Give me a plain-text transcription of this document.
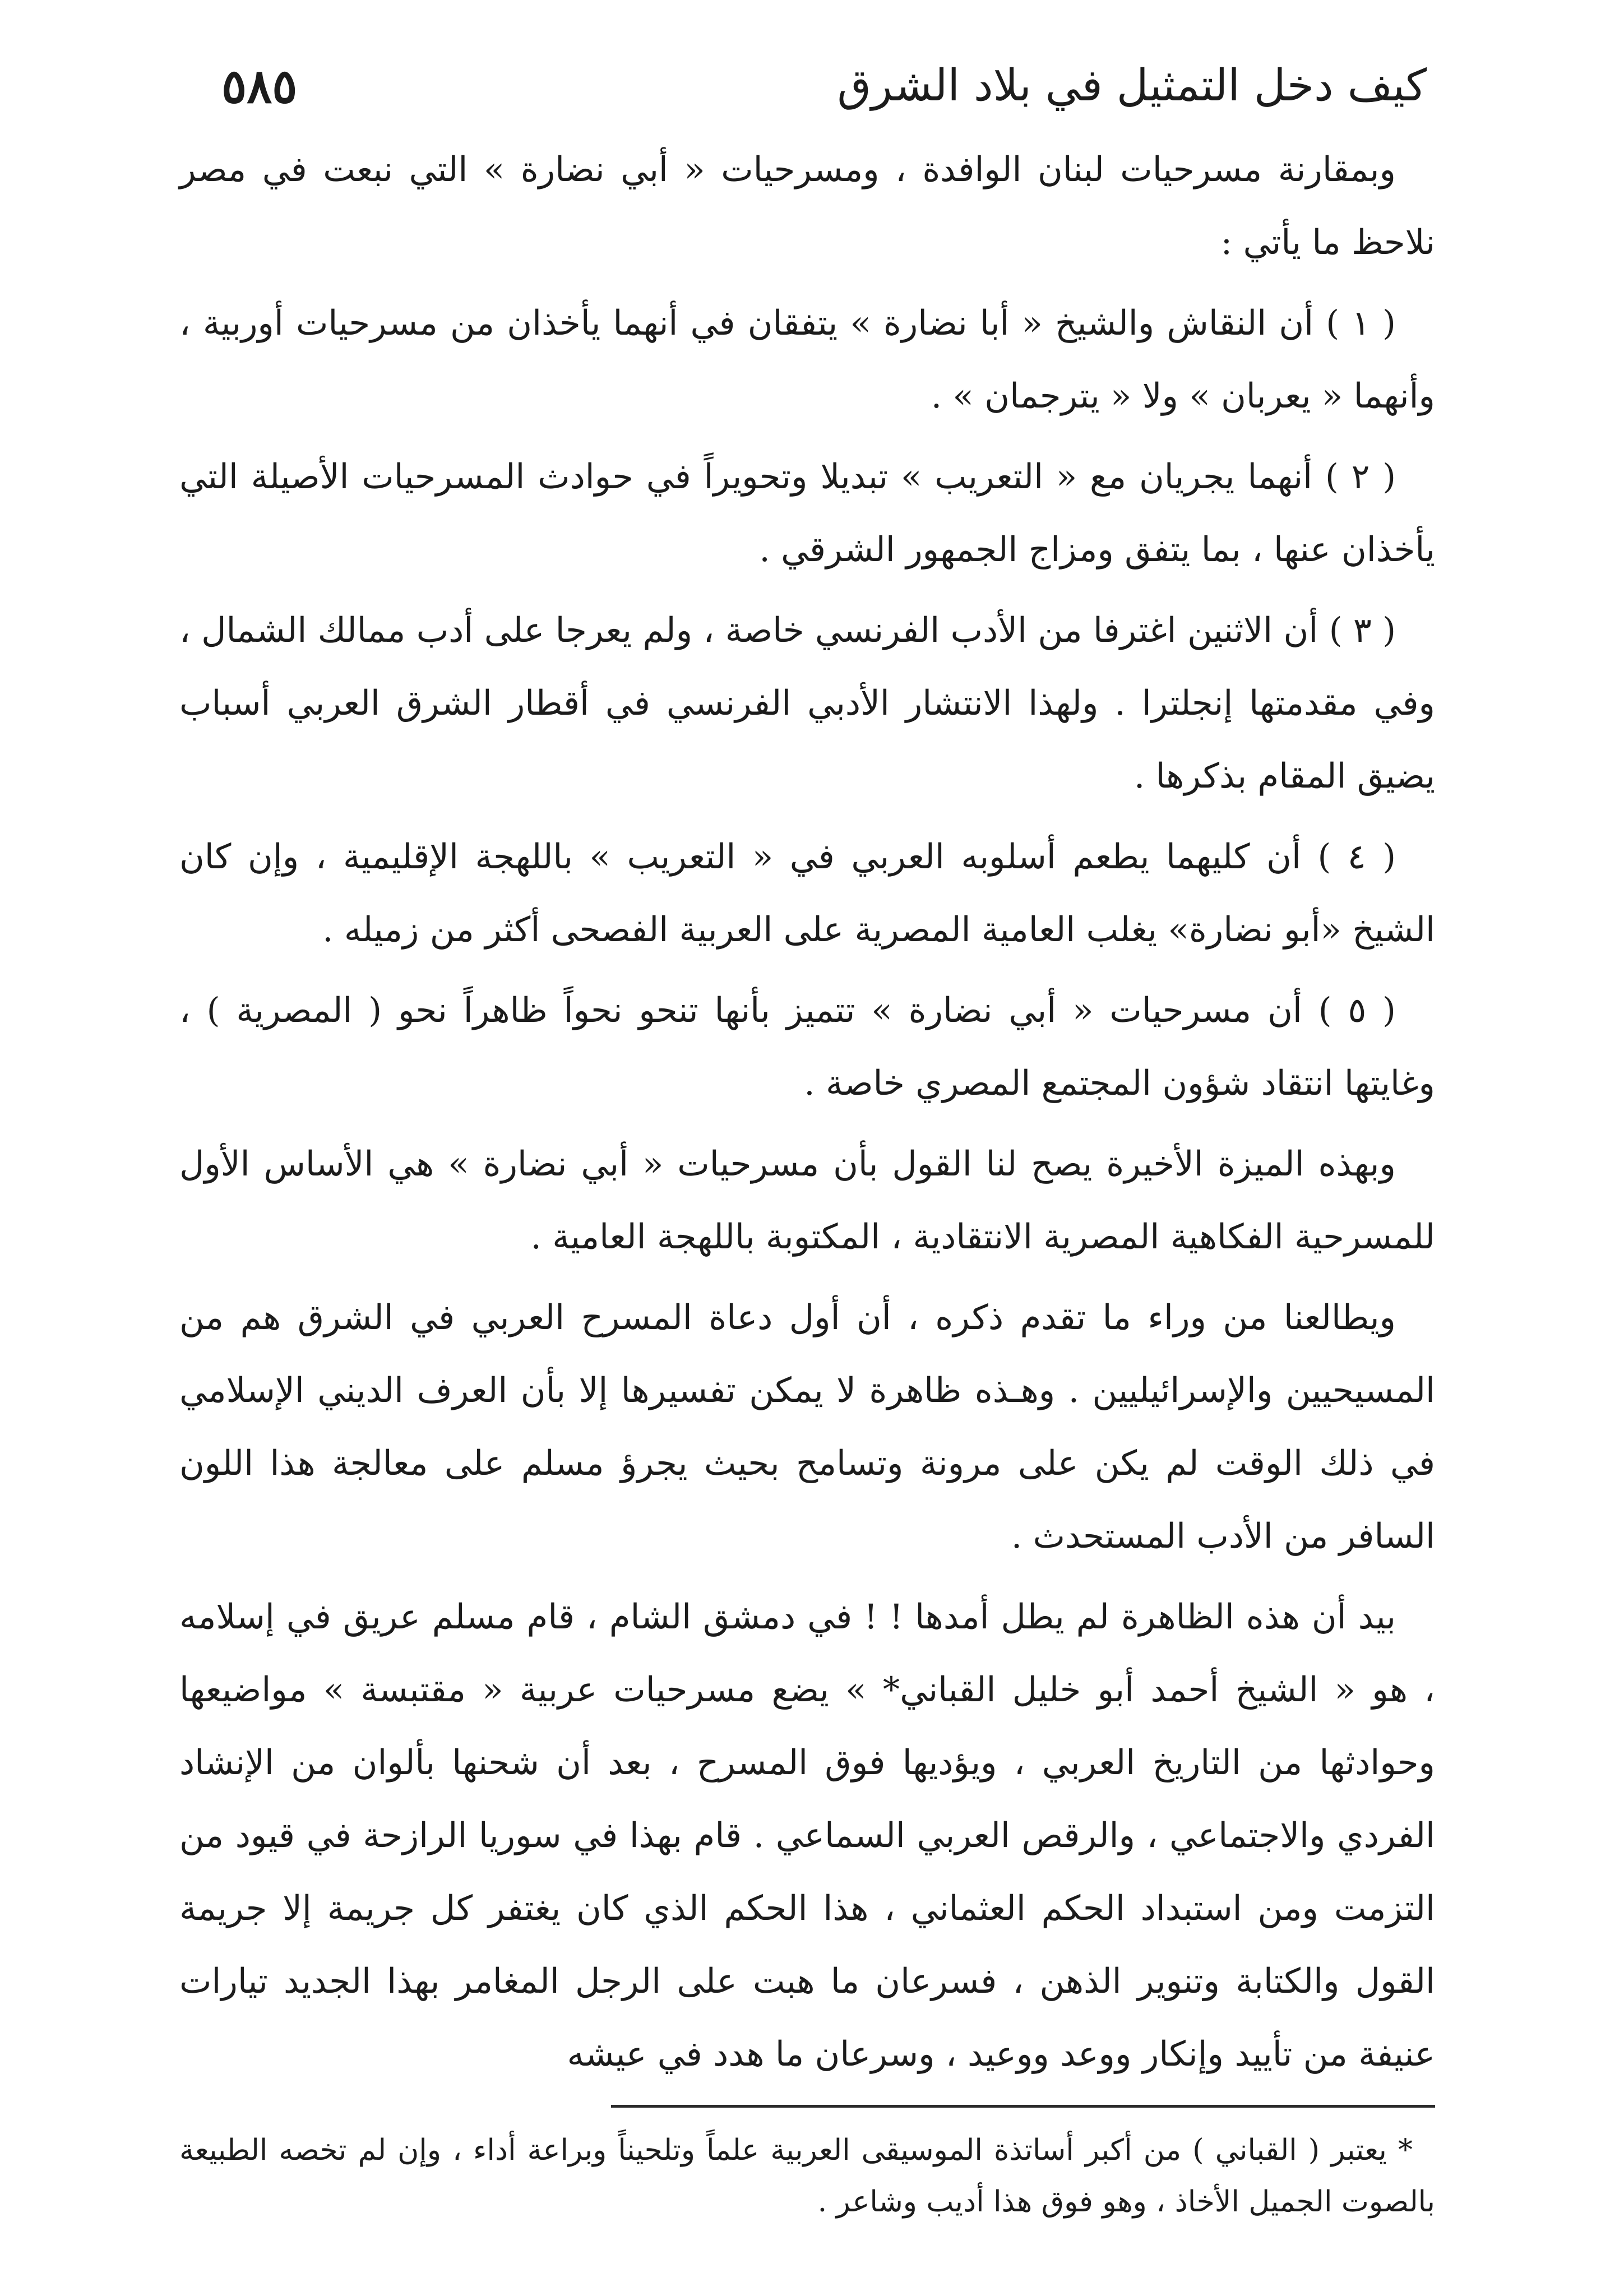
٥٨٥	كيف دخل التمثيل في بلاد الشرق

وبمقارنة مسرحيات لبنان الوافدة ، ومسرحيات « أبي نضارة » التي نبعت في مصر نلاحظ ما يأتي :

( ١ ) أن النقاش والشيخ « أبا نضارة » يتفقان في أنهما يأخذان من مسرحيات أوربية ، وأنهما « يعربان » ولا « يترجمان » .

( ٢ ) أنهما يجريان مع « التعريب » تبديلا وتحويراً في حوادث المسرحيات الأصيلة التي يأخذان عنها ، بما يتفق ومزاج الجمهور الشرقي .

( ٣ ) أن الاثنين اغترفا من الأدب الفرنسي خاصة ، ولم يعرجا على أدب ممالك الشمال ، وفي مقدمتها إنجلترا . ولهذا الانتشار الأدبي الفرنسي في أقطار الشرق العربي أسباب يضيق المقام بذكرها .

( ٤ ) أن كليهما يطعم أسلوبه العربي في « التعريب » باللهجة الإقليمية ، وإن كان الشيخ «أبو نضارة» يغلب العامية المصرية على العربية الفصحى أكثر من زميله .

( ٥ ) أن مسرحيات « أبي نضارة » تتميز بأنها تنحو نحواً ظاهراً نحو ( المصرية ) ، وغايتها انتقاد شؤون المجتمع المصري خاصة .

وبهذه الميزة الأخيرة يصح لنا القول بأن مسرحيات « أبي نضارة » هي الأساس الأول للمسرحية الفكاهية المصرية الانتقادية ، المكتوبة باللهجة العامية .

ويطالعنا من وراء ما تقدم ذكره ، أن أول دعاة المسرح العربي في الشرق هم من المسيحيين والإسرائيليين . وهـذه ظاهرة لا يمكن تفسيرها إلا بأن العرف الديني الإسلامي في ذلك الوقت لم يكن على مرونة وتسامح بحيث يجرؤ مسلم على معالجة هذا اللون السافر من الأدب المستحدث .

بيد أن هذه الظاهرة لم يطل أمدها ! ! في دمشق الشام ، قام مسلم عريق في إسلامه ، هو « الشيخ أحمد أبو خليل القباني* » يضع مسرحيات عربية « مقتبسة » مواضيعها وحوادثها من التاريخ العربي ، ويؤديها فوق المسرح ، بعد أن شحنها بألوان من الإنشاد الفردي والاجتماعي ، والرقص العربي السماعي . قام بهذا في سوريا الرازحة في قيود من التزمت ومن استبداد الحكم العثماني ، هذا الحكم الذي كان يغتفر كل جريمة إلا جريمة القول والكتابة وتنوير الذهن ، فسرعان ما هبت على الرجل المغامر بهذا الجديد تيارات عنيفة من تأييد وإنكار ووعد ووعيد ، وسرعان ما هدد في عيشه

* يعتبر ( القباني ) من أكبر أساتذة الموسيقى العربية علماً وتلحيناً وبراعة أداء ، وإن لم تخصه الطبيعة بالصوت الجميل الأخاذ ، وهو فوق هذا أديب وشاعر .
